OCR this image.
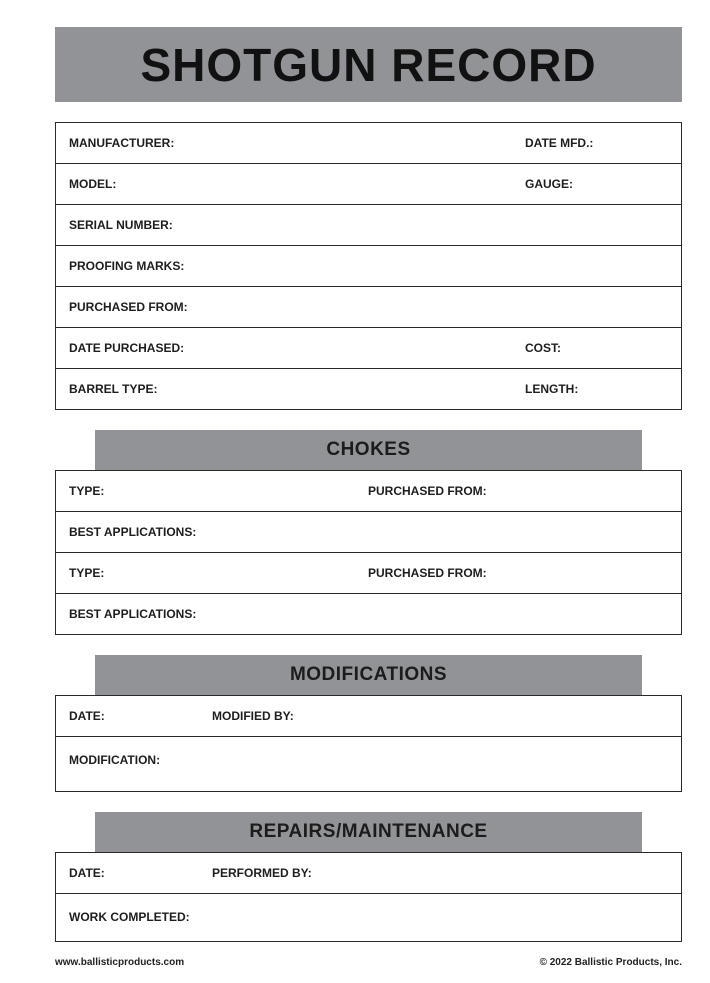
SHOTGUN RECORD
MANUFACTURER:	DATE MFD.:
MODEL:	GAUGE:
SERIAL NUMBER:
PROOFING MARKS:
PURCHASED FROM:
DATE PURCHASED:	COST:
BARREL TYPE:	LENGTH:
CHOKES
TYPE:	PURCHASED FROM:
BEST APPLICATIONS:
TYPE:	PURCHASED FROM:
BEST APPLICATIONS:
MODIFICATIONS
DATE:	MODIFIED BY:
MODIFICATION:
REPAIRS/MAINTENANCE
DATE:	PERFORMED BY:
WORK COMPLETED:
www.ballisticproducts.com	© 2022 Ballistic Products, Inc.
